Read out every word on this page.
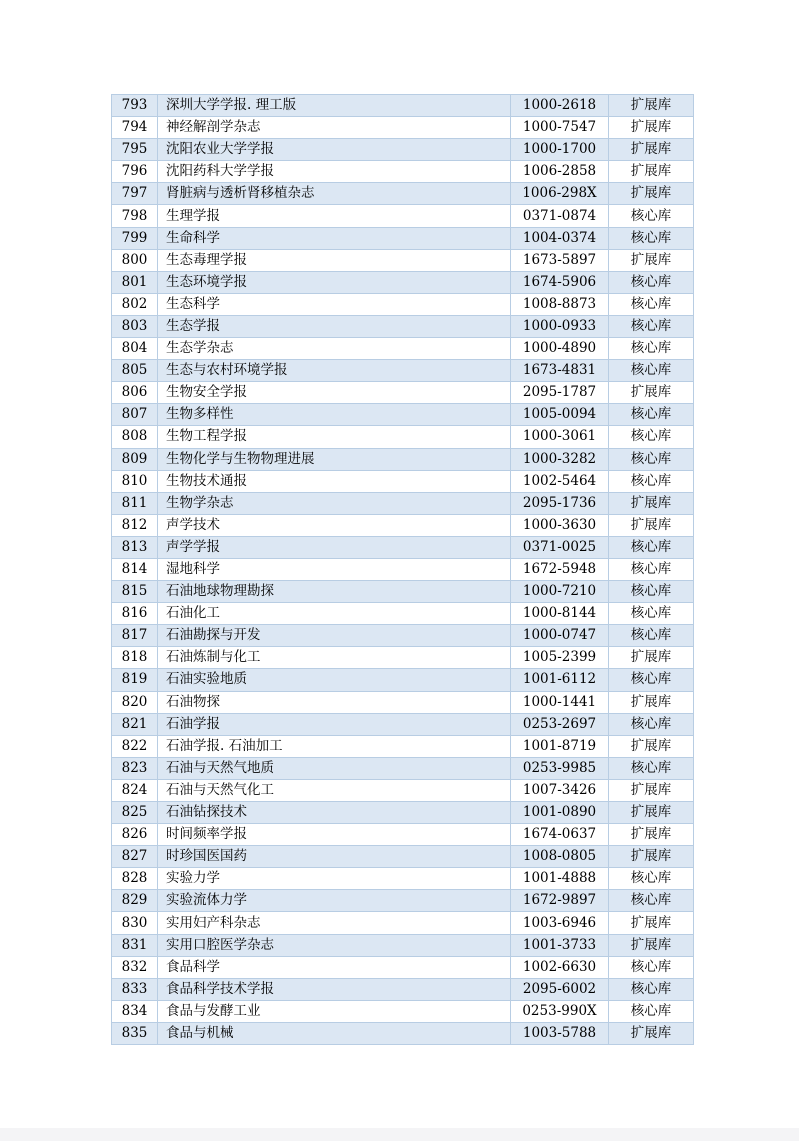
793	深圳大学学报. 理工版	1000-2618	扩展库
794	神经解剖学杂志	1000-7547	扩展库
795	沈阳农业大学学报	1000-1700	扩展库
796	沈阳药科大学学报	1006-2858	扩展库
797	肾脏病与透析肾移植杂志	1006-298X	扩展库
798	生理学报	0371-0874	核心库
799	生命科学	1004-0374	核心库
800	生态毒理学报	1673-5897	扩展库
801	生态环境学报	1674-5906	核心库
802	生态科学	1008-8873	核心库
803	生态学报	1000-0933	核心库
804	生态学杂志	1000-4890	核心库
805	生态与农村环境学报	1673-4831	核心库
806	生物安全学报	2095-1787	扩展库
807	生物多样性	1005-0094	核心库
808	生物工程学报	1000-3061	核心库
809	生物化学与生物物理进展	1000-3282	核心库
810	生物技术通报	1002-5464	核心库
811	生物学杂志	2095-1736	扩展库
812	声学技术	1000-3630	扩展库
813	声学学报	0371-0025	核心库
814	湿地科学	1672-5948	核心库
815	石油地球物理勘探	1000-7210	核心库
816	石油化工	1000-8144	核心库
817	石油勘探与开发	1000-0747	核心库
818	石油炼制与化工	1005-2399	扩展库
819	石油实验地质	1001-6112	核心库
820	石油物探	1000-1441	扩展库
821	石油学报	0253-2697	核心库
822	石油学报. 石油加工	1001-8719	扩展库
823	石油与天然气地质	0253-9985	核心库
824	石油与天然气化工	1007-3426	扩展库
825	石油钻探技术	1001-0890	扩展库
826	时间频率学报	1674-0637	扩展库
827	时珍国医国药	1008-0805	扩展库
828	实验力学	1001-4888	核心库
829	实验流体力学	1672-9897	核心库
830	实用妇产科杂志	1003-6946	扩展库
831	实用口腔医学杂志	1001-3733	扩展库
832	食品科学	1002-6630	核心库
833	食品科学技术学报	2095-6002	核心库
834	食品与发酵工业	0253-990X	核心库
835	食品与机械	1003-5788	扩展库
